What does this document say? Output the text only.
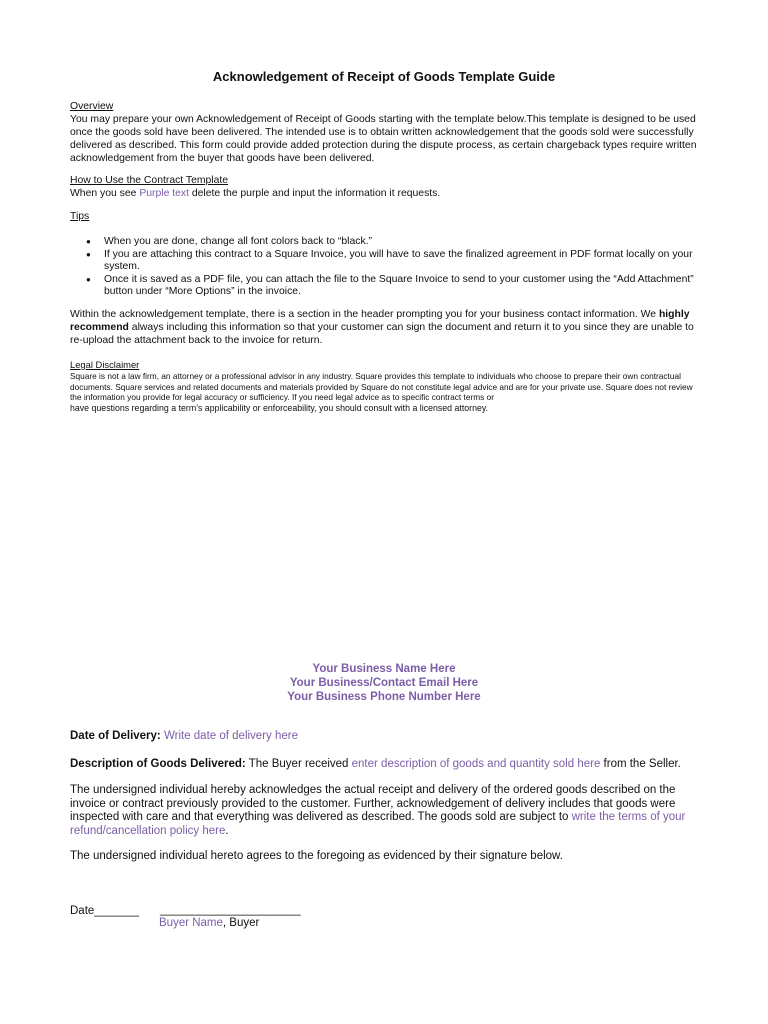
Acknowledgement of Receipt of Goods Template Guide
Overview
You may prepare your own Acknowledgement of Receipt of Goods starting with the template below.This template is designed to be used once the goods sold have been delivered. The intended use is to obtain written acknowledgement that the goods sold were successfully delivered as described. This form could provide added protection during the dispute process, as certain chargeback types require written acknowledgement from the buyer that goods have been delivered.
How to Use the Contract Template
When you see Purple text delete the purple and input the information it requests.
Tips
● When you are done, change all font colors back to “black.”
● If you are attaching this contract to a Square Invoice, you will have to save the finalized agreement in PDF format locally on your system.
● Once it is saved as a PDF file, you can attach the file to the Square Invoice to send to your customer using the “Add Attachment” button under “More Options” in the invoice.
Within the acknowledgement template, there is a section in the header prompting you for your business contact information. We highly recommend always including this information so that your customer can sign the document and return it to you since they are unable to re-upload the attachment back to the invoice for return.
Legal Disclaimer
Square is not a law firm, an attorney or a professional advisor in any industry. Square provides this template to individuals who choose to prepare their own contractual documents. Square services and related documents and materials provided by Square do not constitute legal advice and are for your private use. Square does not review the information you provide for legal accuracy or sufficiency. If you need legal advice as to specific contract terms or
have questions regarding a term’s applicability or enforceability, you should consult with a licensed attorney.
Your Business Name Here
Your Business/Contact Email Here
Your Business Phone Number Here
Date of Delivery: Write date of delivery here
Description of Goods Delivered: The Buyer received enter description of goods and quantity sold here from the Seller.
The undersigned individual hereby acknowledges the actual receipt and delivery of the ordered goods described on the invoice or contract previously provided to the customer. Further, acknowledgement of delivery includes that goods were inspected with care and that everything was delivered as described. The goods sold are subject to write the terms of your refund/cancellation policy here.
The undersigned individual hereto agrees to the foregoing as evidenced by their signature below.
Date_______	______________________
Buyer Name, Buyer
